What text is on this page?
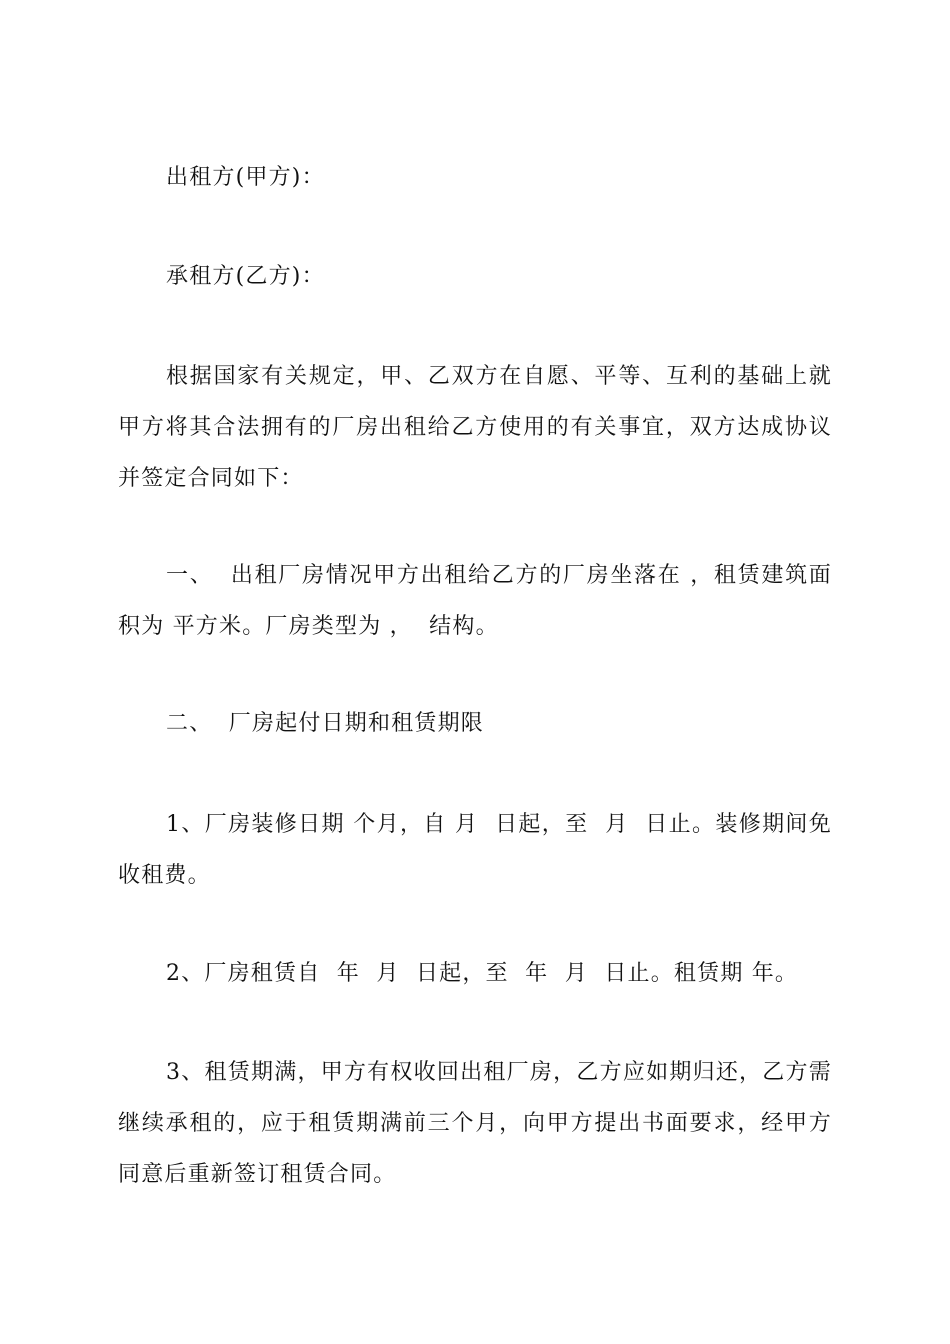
出租方(甲方)：

承租方(乙方)：

根据国家有关规定，甲、乙双方在自愿、平等、互利的基础上就甲方将其合法拥有的厂房出租给乙方使用的有关事宜，双方达成协议并签定合同如下：

一、  出租厂房情况甲方出租给乙方的厂房坐落在 ，租赁建筑面积为 平方米。厂房类型为 ，  结构。

二、  厂房起付日期和租赁期限

1、厂房装修日期 个月，自 月  日起，至  月  日止。装修期间免收租费。

2、厂房租赁自  年  月  日起，至  年  月  日止。租赁期 年。

3、租赁期满，甲方有权收回出租厂房，乙方应如期归还，乙方需继续承租的，应于租赁期满前三个月，向甲方提出书面要求，经甲方同意后重新签订租赁合同。
